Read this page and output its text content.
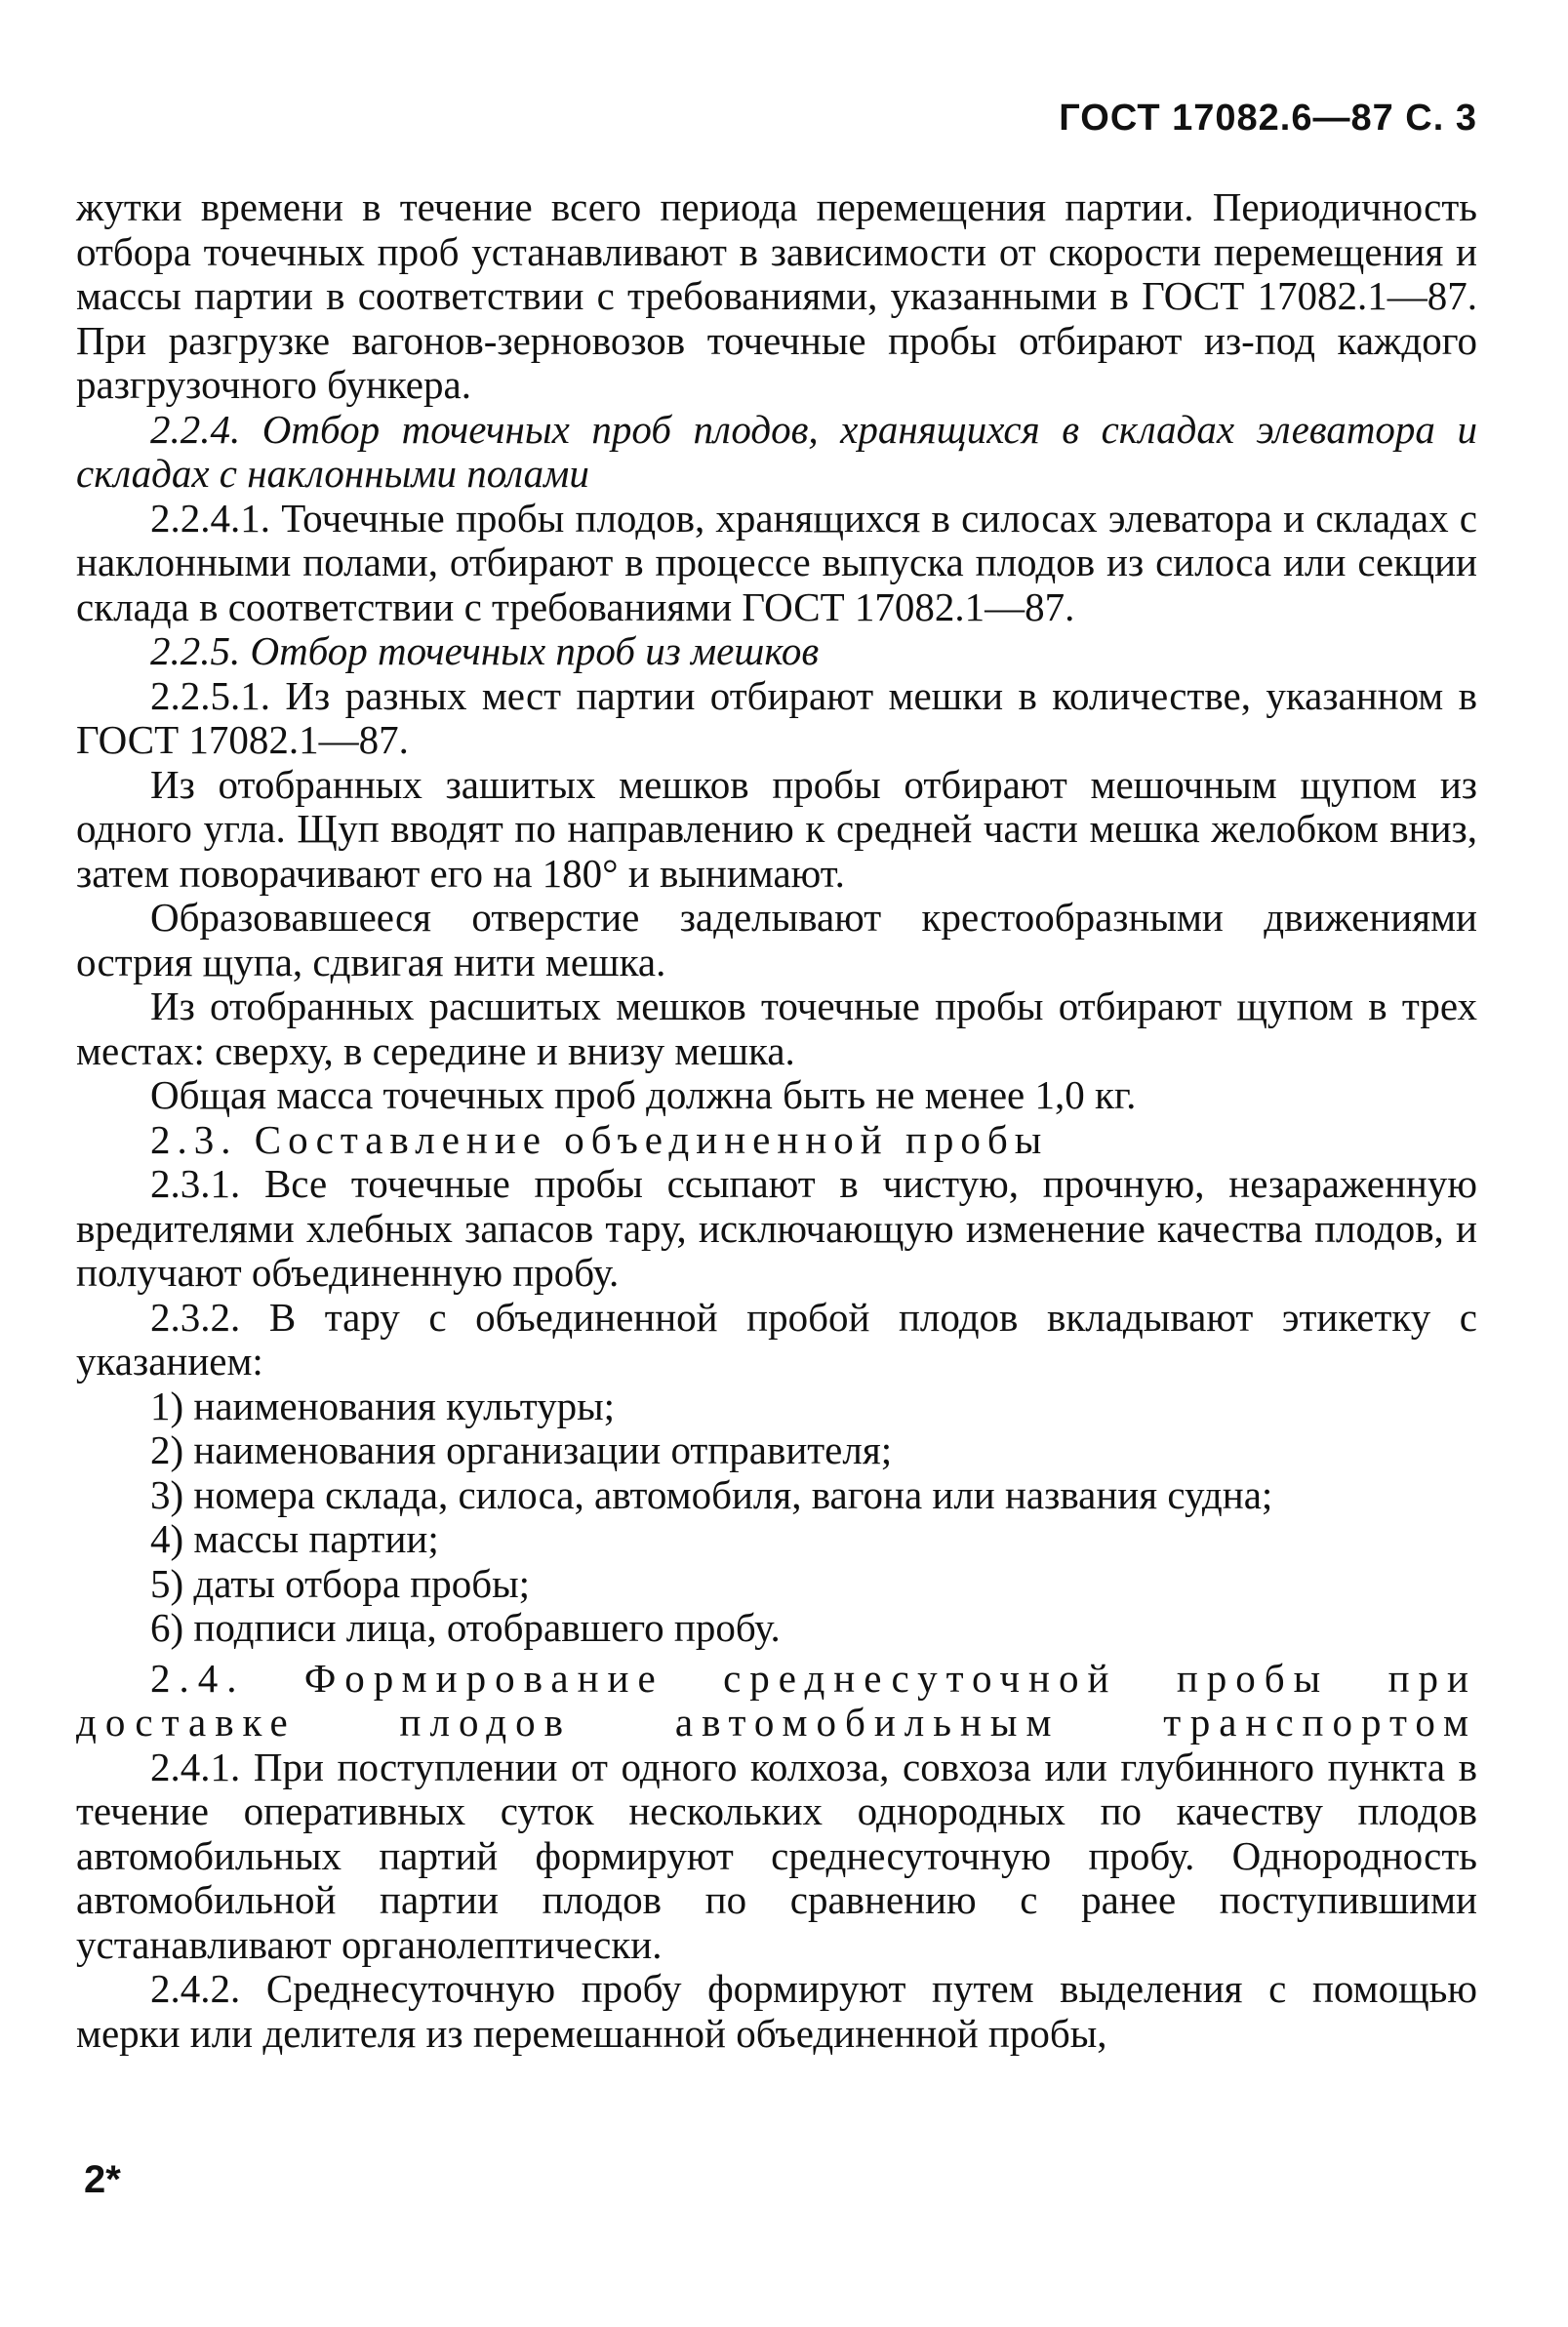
ГОСТ 17082.6—87 С. 3

жутки времени в течение всего периода перемещения партии. Периодичность отбора точечных проб устанавливают в зависимости от скорости перемещения и массы партии в соответствии с требованиями, указанными в ГОСТ 17082.1—87. При разгрузке вагонов-зерновозов точечные пробы отбирают из-под каждого разгрузочного бункера.

2.2.4. Отбор точечных проб плодов, хранящихся в складах элеватора и складах с наклонными полами

2.2.4.1. Точечные пробы плодов, хранящихся в силосах элеватора и складах с наклонными полами, отбирают в процессе выпуска плодов из силоса или секции склада в соответствии с требованиями ГОСТ 17082.1—87.

2.2.5. Отбор точечных проб из мешков

2.2.5.1. Из разных мест партии отбирают мешки в количестве, указанном в ГОСТ 17082.1—87.

Из отобранных зашитых мешков пробы отбирают мешочным щупом из одного угла. Щуп вводят по направлению к средней части мешка желобком вниз, затем поворачивают его на 180° и вынимают.

Образовавшееся отверстие заделывают крестообразными движениями острия щупа, сдвигая нити мешка.

Из отобранных расшитых мешков точечные пробы отбирают щупом в трех местах: сверху, в середине и внизу мешка.

Общая масса точечных проб должна быть не менее 1,0 кг.

2.3. Составление объединенной пробы

2.3.1. Все точечные пробы ссыпают в чистую, прочную, незараженную вредителями хлебных запасов тару, исключающую изменение качества плодов, и получают объединенную пробу.

2.3.2. В тару с объединенной пробой плодов вкладывают этикетку с указанием:

1) наименования культуры;

2) наименования организации отправителя;

3) номера склада, силоса, автомобиля, вагона или названия судна;

4) массы партии;

5) даты отбора пробы;

6) подписи лица, отобравшего пробу.

2.4. Формирование среднесуточной пробы при

доставке плодов автомобильным транспортом

2.4.1. При поступлении от одного колхоза, совхоза или глубинного пункта в течение оперативных суток нескольких однородных по качеству плодов автомобильных партий формируют среднесуточную пробу. Однородность автомобильной партии плодов по сравнению с ранее поступившими устанавливают органолептически.

2.4.2. Среднесуточную пробу формируют путем выделения с помощью мерки или делителя из перемешанной объединенной пробы,

2*
